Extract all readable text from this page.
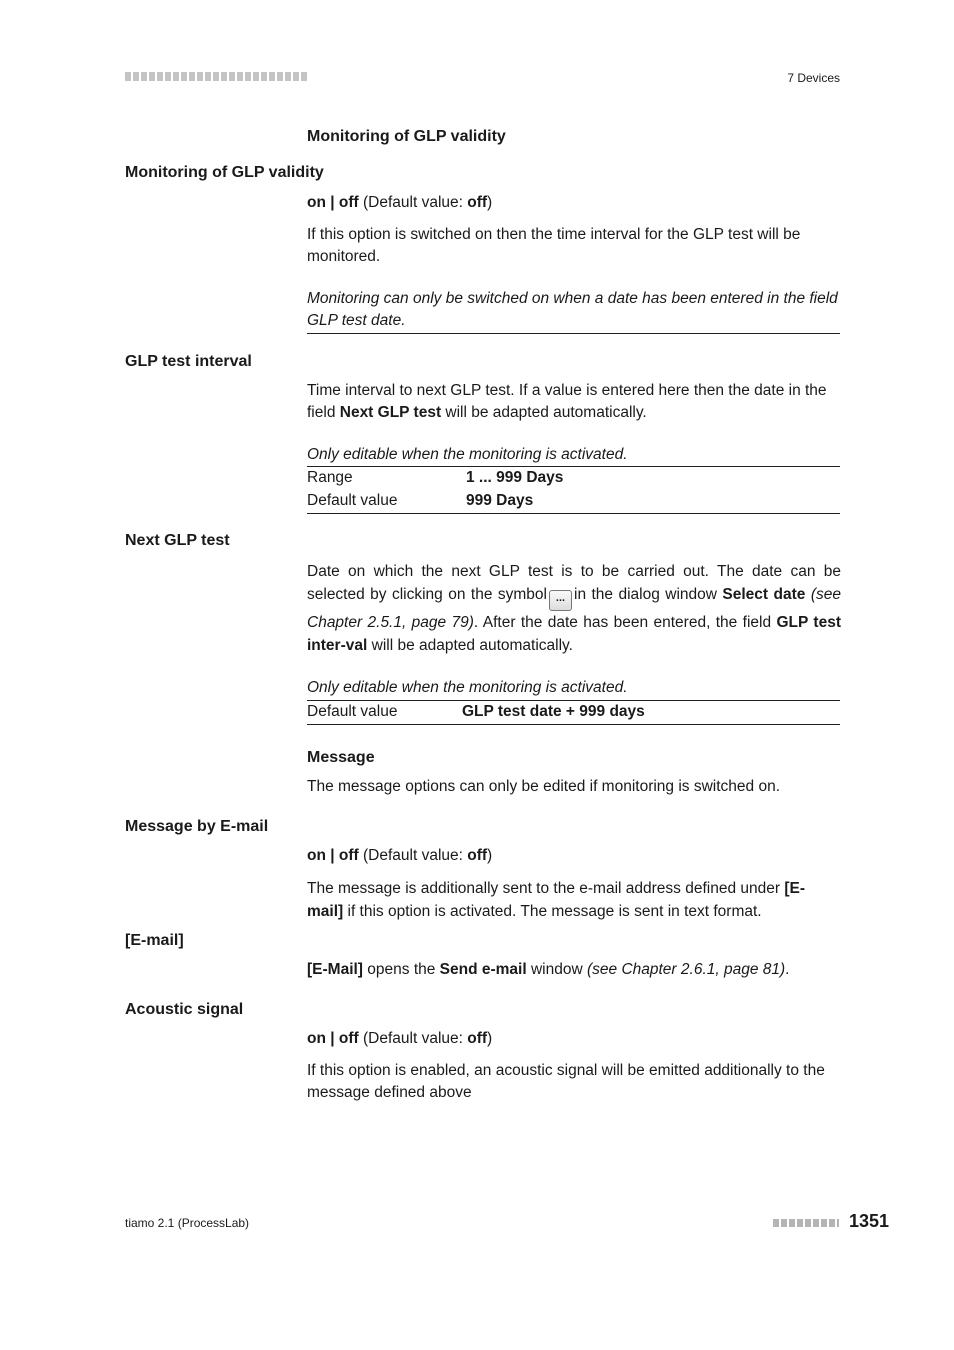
7 Devices
Monitoring of GLP validity
Monitoring of GLP validity

on | off (Default value: off)

If this option is switched on then the time interval for the GLP test will be monitored.
Monitoring can only be switched on when a date has been entered in the field GLP test date.
GLP test interval

Time interval to next GLP test. If a value is entered here then the date in the field Next GLP test will be adapted automatically.

Only editable when the monitoring is activated.
Range	1 ... 999 Days
Default value	999 Days
Next GLP test

Date on which the next GLP test is to be carried out. The date can be selected by clicking on the symbol ... in the dialog window Select date (see Chapter 2.5.1, page 79). After the date has been entered, the field GLP test inter-val will be adapted automatically.

Only editable when the monitoring is activated.
Default value	GLP test date + 999 days
Message
The message options can only be edited if monitoring is switched on.
Message by E-mail

on | off (Default value: off)

The message is additionally sent to the e-mail address defined under [E-mail] if this option is activated. The message is sent in text format.

[E-mail]

[E-Mail] opens the Send e-mail window (see Chapter 2.6.1, page 81).

Acoustic signal

on | off (Default value: off)

If this option is enabled, an acoustic signal will be emitted additionally to the message defined above
tiamo 2.1 (ProcessLab)	1351
